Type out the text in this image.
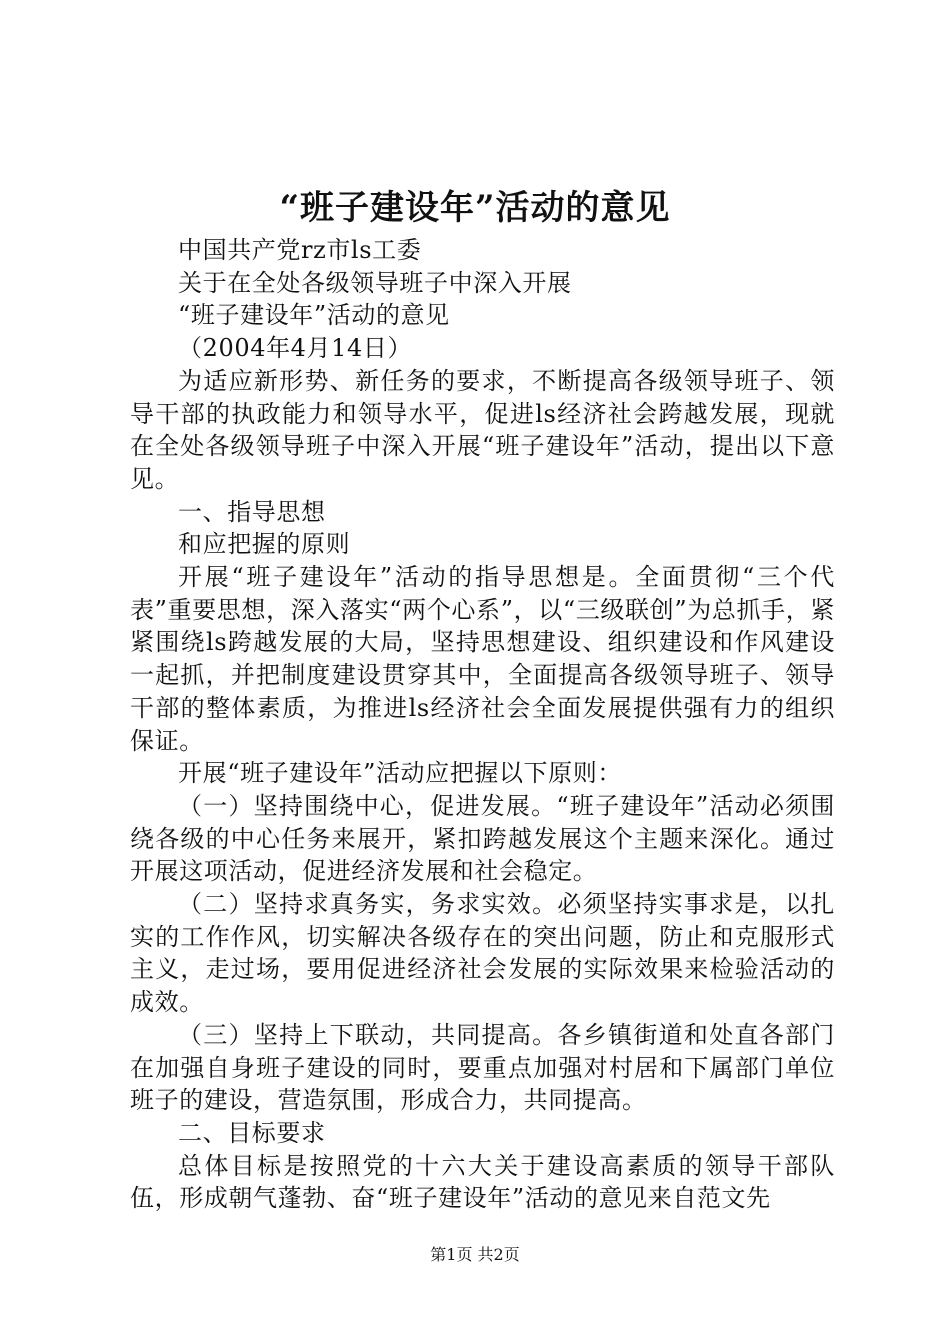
“班子建设年”活动的意见

中国共产党rz市ls工委

关于在全处各级领导班子中深入开展

“班子建设年”活动的意见

（2004年4月14日）

为适应新形势、新任务的要求，不断提高各级领导班子、领导干部的执政能力和领导水平，促进ls经济社会跨越发展，现就在全处各级领导班子中深入开展“班子建设年”活动，提出以下意见。

一、指导思想

和应把握的原则

开展“班子建设年”活动的指导思想是。全面贯彻“三个代表”重要思想，深入落实“两个心系”，以“三级联创”为总抓手，紧紧围绕ls跨越发展的大局，坚持思想建设、组织建设和作风建设一起抓，并把制度建设贯穿其中，全面提高各级领导班子、领导干部的整体素质，为推进ls经济社会全面发展提供强有力的组织保证。

开展“班子建设年”活动应把握以下原则：

（一）坚持围绕中心，促进发展。“班子建设年”活动必须围绕各级的中心任务来展开，紧扣跨越发展这个主题来深化。通过开展这项活动，促进经济发展和社会稳定。

（二）坚持求真务实，务求实效。必须坚持实事求是，以扎实的工作作风，切实解决各级存在的突出问题，防止和克服形式主义，走过场，要用促进经济社会发展的实际效果来检验活动的成效。

（三）坚持上下联动，共同提高。各乡镇街道和处直各部门在加强自身班子建设的同时，要重点加强对村居和下属部门单位班子的建设，营造氛围，形成合力，共同提高。

二、目标要求

总体目标是按照党的十六大关于建设高素质的领导干部队伍，形成朝气蓬勃、奋“班子建设年”活动的意见来自范文先

第1页 共2页
